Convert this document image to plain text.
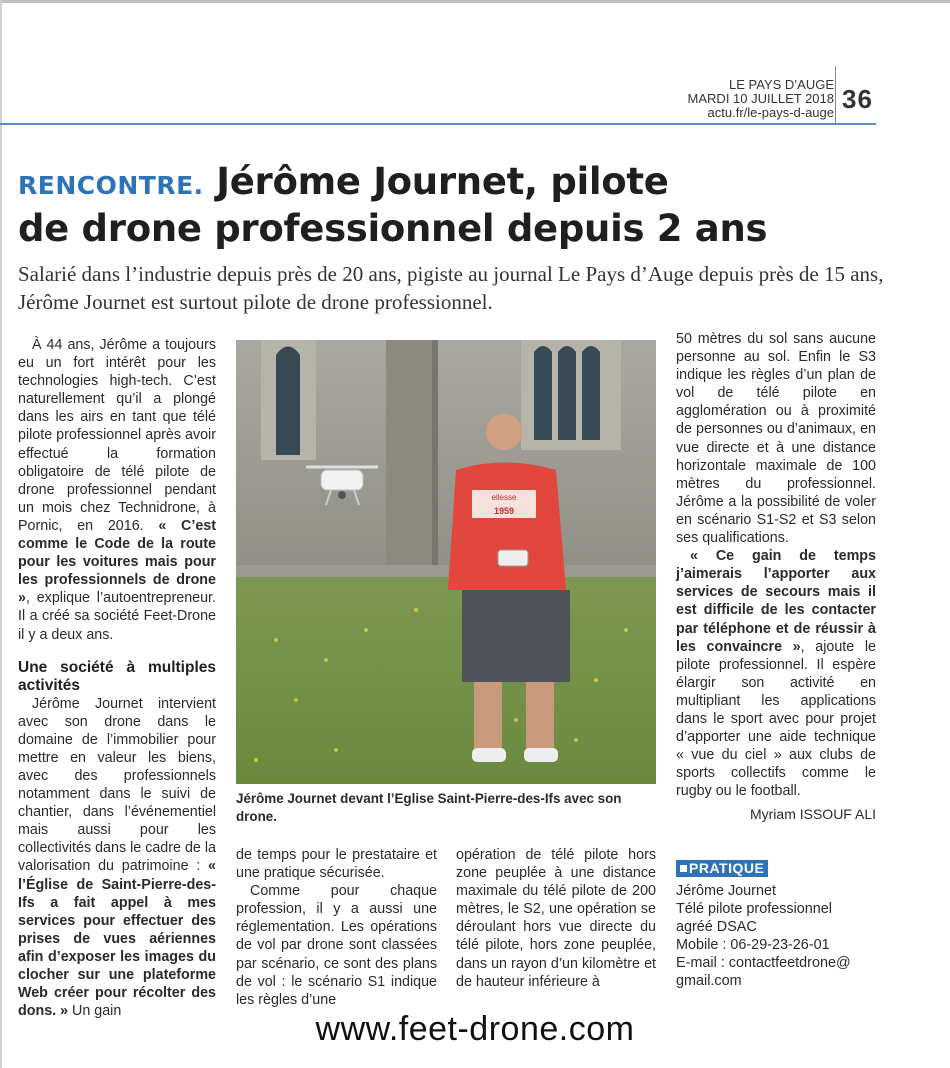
LE PAYS D’AUGE
MARDI 10 JUILLET 2018
actu.fr/le-pays-d-auge 36
RENCONTRE. Jérôme Journet, pilote
de drone professionnel depuis 2 ans
Salarié dans l’industrie depuis près de 20 ans, pigiste au journal Le Pays d’Auge depuis près de 15 ans, Jérôme Journet est surtout pilote de drone professionnel.

À 44 ans, Jérôme a toujours eu un fort intérêt pour les technologies high-tech. C’est naturellement qu’il a plongé dans les airs en tant que télé pilote professionnel après avoir effectué la formation obligatoire de télé pilote de drone professionnel pendant un mois chez Technidrone, à Pornic, en 2016. « C’est comme le Code de la route pour les voitures mais pour les professionnels de drone », explique l’autoentrepreneur. Il a créé sa société Feet-Drone il y a deux ans.

Une société à multiples activités

Jérôme Journet intervient avec son drone dans le domaine de l’immobilier pour mettre en valeur les biens, avec des professionnels notamment dans le suivi de chantier, dans l’événementiel mais aussi pour les collectivités dans le cadre de la valorisation du patrimoine : « l’Église de Saint-Pierre-des-Ifs a fait appel à mes services pour effectuer des prises de vues aériennes afin d’exposer les images du clocher sur une plateforme Web créer pour récolter des dons. » Un gain

ellesse
1959
Jérôme Journet devant l’Eglise Saint-Pierre-des-Ifs avec son drone.

de temps pour le prestataire et une pratique sécurisée.

Comme pour chaque profession, il y a aussi une réglementation. Les opérations de vol par drone sont classées par scénario, ce sont des plans de vol : le scénario S1 indique les règles d’une

opération de télé pilote hors zone peuplée à une distance maximale du télé pilote de 200 mètres, le S2, une opération se déroulant hors vue directe du télé pilote, hors zone peuplée, dans un rayon d’un kilomètre et de hauteur inférieure à

50 mètres du sol sans aucune personne au sol. Enfin le S3 indique les règles d’un plan de vol de télé pilote en agglomération ou à proximité de personnes ou d’animaux, en vue directe et à une distance horizontale maximale de 100 mètres du professionnel. Jérôme a la possibilité de voler en scénario S1-S2 et S3 selon ses qualifications.

« Ce gain de temps j’aimerais l’apporter aux services de secours mais il est difficile de les contacter par téléphone et de réussir à les convaincre », ajoute le pilote professionnel. Il espère élargir son activité en multipliant les applications dans le sport avec pour projet d’apporter une aide technique « vue du ciel » aux clubs de sports collectifs comme le rugby ou le football.

Myriam ISSOUF ALI
PRATIQUE
Jérôme Journet
Télé pilote professionnel
agréé DSAC
Mobile : 06-29-23-26-01
E-mail : contactfeetdrone@
gmail.com
www.feet-drone.com
